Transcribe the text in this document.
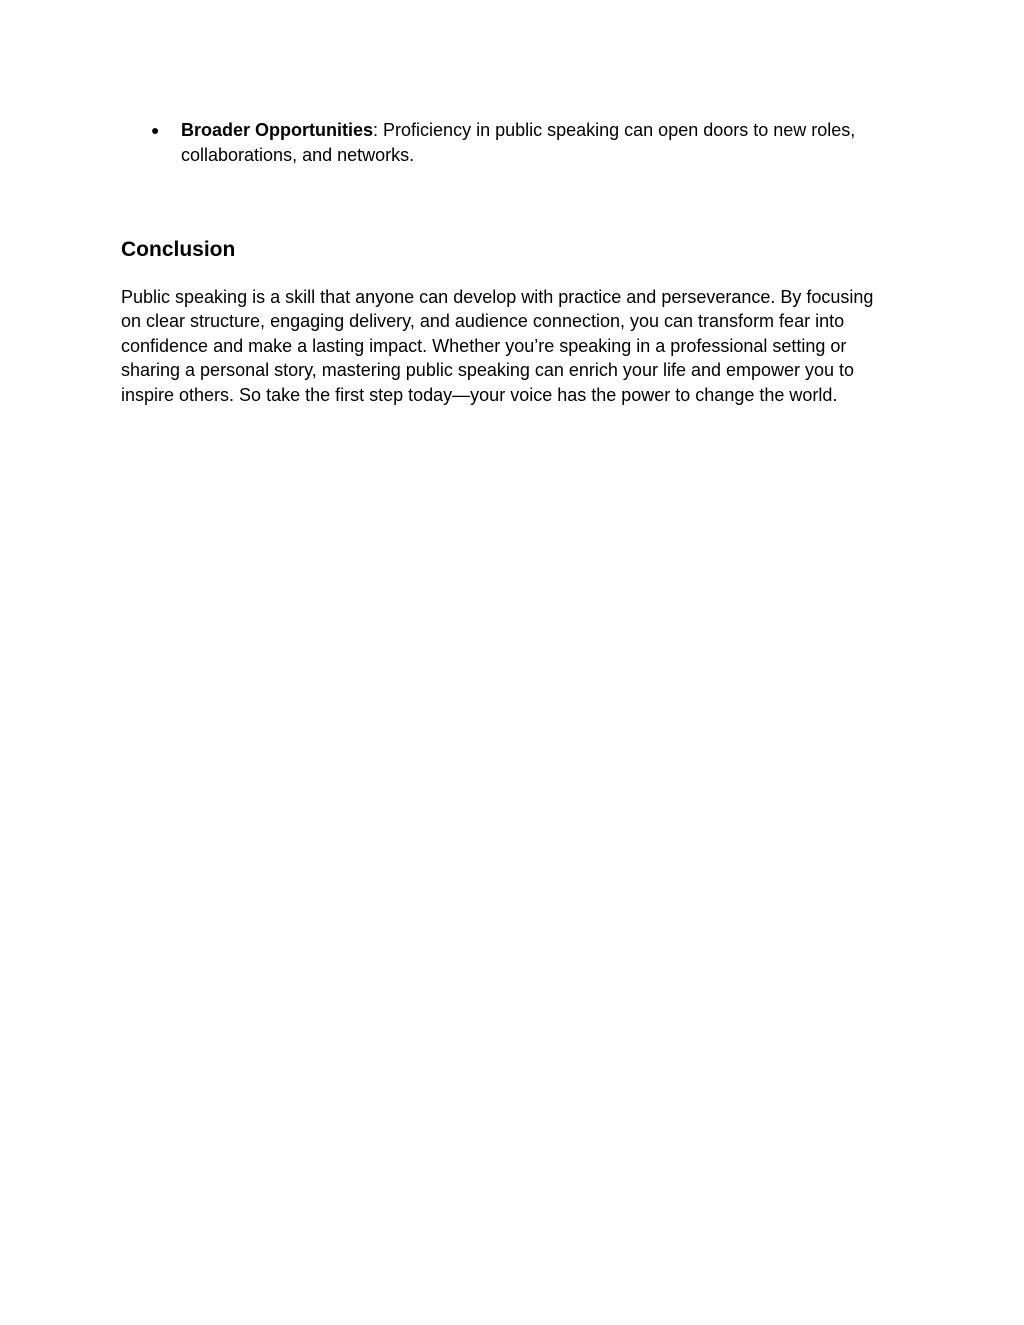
● Broader Opportunities: Proficiency in public speaking can open doors to new roles, collaborations, and networks.
Conclusion

Public speaking is a skill that anyone can develop with practice and perseverance. By focusing on clear structure, engaging delivery, and audience connection, you can transform fear into confidence and make a lasting impact. Whether you’re speaking in a professional setting or sharing a personal story, mastering public speaking can enrich your life and empower you to inspire others. So take the first step today—your voice has the power to change the world.
